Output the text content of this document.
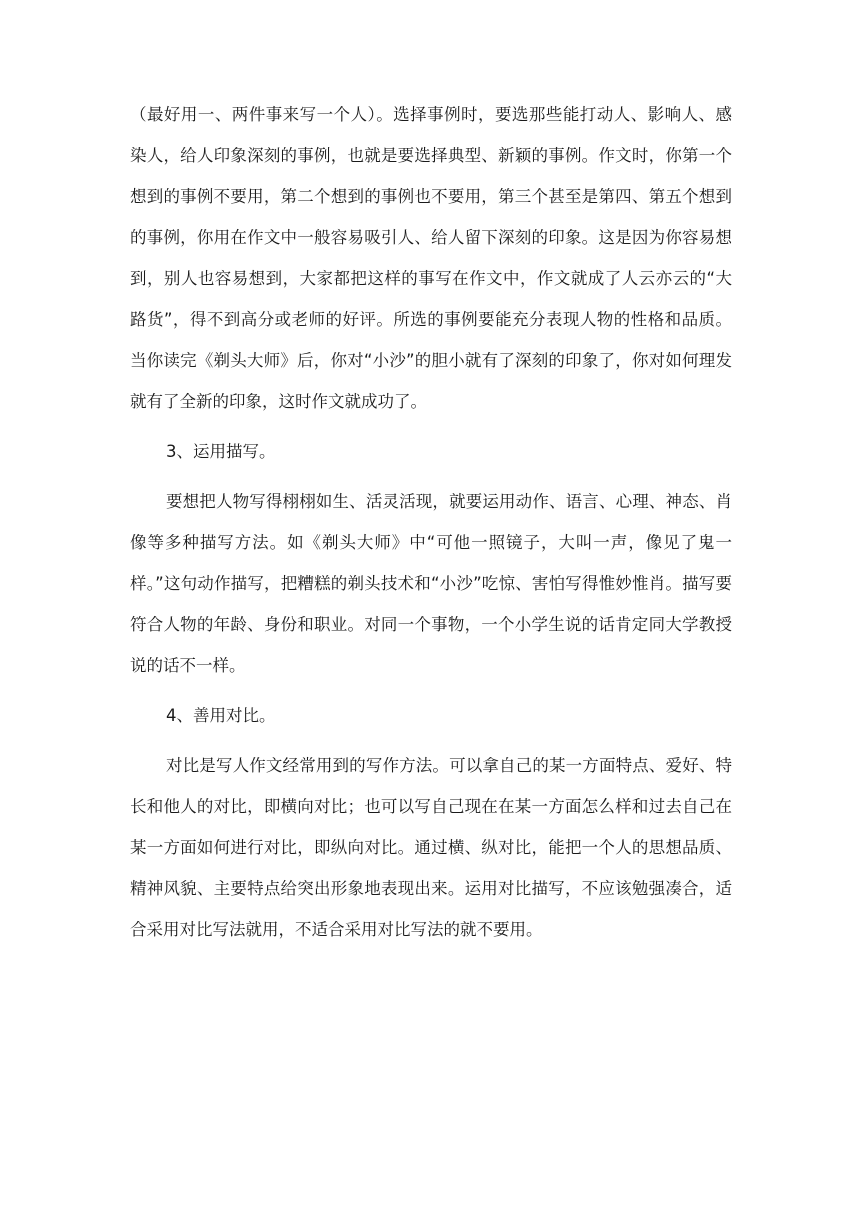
（最好用一、两件事来写一个人）。选择事例时，要选那些能打动人、影响人、感染人，给人印象深刻的事例，也就是要选择典型、新颖的事例。作文时，你第一个想到的事例不要用，第二个想到的事例也不要用，第三个甚至是第四、第五个想到的事例，你用在作文中一般容易吸引人、给人留下深刻的印象。这是因为你容易想到，别人也容易想到，大家都把这样的事写在作文中，作文就成了人云亦云的“大路货”，得不到高分或老师的好评。所选的事例要能充分表现人物的性格和品质。当你读完《剃头大师》后，你对“小沙”的胆小就有了深刻的印象了，你对如何理发就有了全新的印象，这时作文就成功了。

3、运用描写。

要想把人物写得栩栩如生、活灵活现，就要运用动作、语言、心理、神态、肖像等多种描写方法。如《剃头大师》中“可他一照镜子，大叫一声，像见了鬼一样。”这句动作描写，把糟糕的剃头技术和“小沙”吃惊、害怕写得惟妙惟肖。描写要符合人物的年龄、身份和职业。对同一个事物，一个小学生说的话肯定同大学教授说的话不一样。

4、善用对比。

对比是写人作文经常用到的写作方法。可以拿自己的某一方面特点、爱好、特长和他人的对比，即横向对比；也可以写自己现在在某一方面怎么样和过去自己在某一方面如何进行对比，即纵向对比。通过横、纵对比，能把一个人的思想品质、精神风貌、主要特点给突出形象地表现出来。运用对比描写，不应该勉强凑合，适合采用对比写法就用，不适合采用对比写法的就不要用。
